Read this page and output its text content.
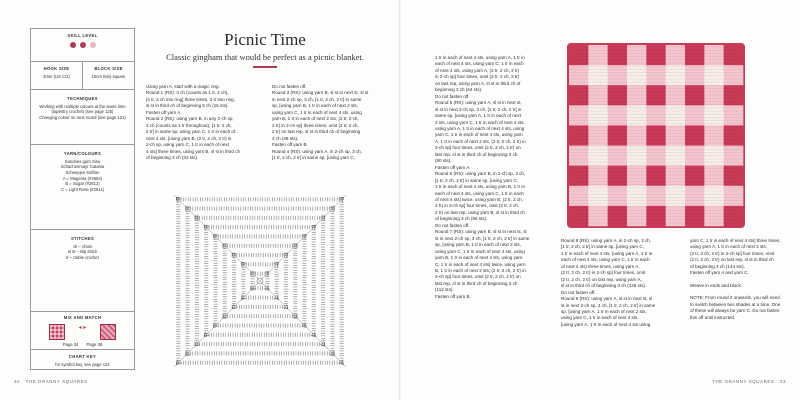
SKILL LEVEL
HOOK SIZE
3mm (US C/2)
BLOCK SIZE
15cm (6in) square
TECHNIQUES
Working with multiple colours at the same time
(tapestry crochet) (see page 125)
Changing colour on next round (see page 121)
YARN/COLOURS
Sandnes garn Sisu
Schachenmayr Catania
Scheepjes Softfun
A = Magenta (#2654)
B = Sugar (#2612)
C = Light Rose (#2511)
STITCHES
ch – chain
sl st – slip stitch
tr – treble crochet
MIX AND MATCH
◂ ▸
Page 34 Page 38
CHART KEY
for symbol key, see page 122
Picnic Time
Classic gingham that would be perfect as a picnic blanket.

Using yarn A, start with a magic ring.

Round 1 (RS): 3 ch (counts as 1 tr, 2 ch),

[4 tr, 2 ch into ring] three times, 3 tr into ring,

sl st in third ch of beginning 5 ch (16 sts).

Fasten off yarn A.

Round 2 (RS): using yarn B, in any 2-ch sp,

3 ch (counts as 1 tr throughout), [1 tr, 2 ch,

2 tr] in same sp, using yarn C, 1 tr in each of

next 4 sts, [using yarn B, (2 tr, 2 ch, 2 tr) in

2-ch sp, using yarn C, 1 tr in each of next

4 sts] three times, using yarn B, sl st in third ch

of beginning 3 ch (32 sts).

Do not fasten off.

Round 3 (RS): using yarn B, sl st in next st, sl st

in next 2-ch sp, 3 ch, [1 tr, 2 ch, 2 tr] in same

sp, [using yarn B, 1 tr in each of next 2 sts,

using yarn C, 1 tr in each of next 4 sts, using

yarn B, 1 tr in each of next 2 sts, (2 tr, 2 ch,

2 tr) in 2-ch sp] three times, omit (2 tr, 2 ch,

2 tr) on last rep, sl st in third ch of beginning

3 ch (48 sts).

Fasten off yarn B.

Round 4 (RS): using yarn A, in 2-ch sp, 3 ch,

[1 tr, 2 ch, 2 tr] in same sp, [using yarn C,

32 THE GRANNY SQUARES

1 tr in each of next 4 sts, using yarn A, 1 tr in

each of next 4 sts, using yarn C, 1 tr in each

of next 4 sts, using yarn A, (2 tr, 2 ch, 2 tr)

in 2-ch sp] four times, omit (2 tr, 2 ch, 2 tr)

on last rep, using yarn A, sl st in third ch of

beginning 3 ch (64 sts).

Do not fasten off.

Round 5 (RS): using yarn A, sl st in next st,

sl st in next 2-ch sp, 3 ch, [1 tr, 2 ch, 2 tr] in

same sp, [using yarn A, 1 tr in each of next

2 sts, using yarn C, 1 tr in each of next 4 sts,

using yarn A, 1 tr in each of next 4 sts, using

yarn C, 1 tr in each of next 4 sts, using yarn

A, 1 tr in each of next 2 sts, (2 tr, 2 ch, 2 tr) in

2-ch sp] four times, omit (2 tr, 2 ch, 2 tr) on

last rep, sl st in third ch of beginning 3 ch

(80 sts).

Fasten off yarn A.

Round 6 (RS): using yarn B, in 2-ch sp, 3 ch,

[1 tr, 2 ch, 2 tr] in same sp, [using yarn C,

1 tr in each of next 4 sts, using yarn B, 1 tr in

each of next 4 sts, using yarn C, 1 tr in each

of next 4 sts] twice, using yarn B, (2 tr, 2 ch,

2 tr) in 2-ch sp] four times, omit (2 tr, 2 ch,

2 tr) on last rep, using yarn B, sl st in third ch

of beginning 3 ch (96 sts).

Do not fasten off.

Round 7 (RS): using yarn B, sl st in next st, sl

st in next 2-ch sp, 3 ch, [1 tr, 2 ch, 2 tr] in same

sp, [using yarn B, 1 tr in each of next 2 sts,

using yarn C, 1 tr in each of next 4 sts, using

yarn B, 1 tr in each of next 4 sts, using yarn

C, 1 tr in each of next 4 sts] twice, using yarn

B, 1 tr in each of next 2 sts, (2 tr, 2 ch, 2 tr) in

2-ch sp] four times, omit (2 tr, 2 ch, 2 tr) on

last rep, sl st in third ch of beginning 3 ch

(112 sts).

Fasten off yarn B.

Round 8 (RS): using yarn A, in 2-ch sp, 3 ch,

[1 tr, 2 ch, 2 tr] in same sp, [using yarn C,

1 tr in each of next 4 sts, (using yarn A, 1 tr in

each of next 4 sts, using yarn C, 1 tr in each

of next 4 sts) three times, using yarn A,

(2 tr, 2 ch, 2 tr) in 2-ch sp] four times, omit

(2 tr, 2 ch, 2 tr) on last rep, using yarn A,

sl st in third ch of beginning 3 ch (128 sts).

Do not fasten off.

Round 9 (RS): using yarn A, sl st in next st, sl

st in next 2-ch sp, 3 ch, [1 tr, 2 ch, 2 tr] in same

sp, [using yarn A, 1 tr in each of next 2 sts,

using yarn C, 1 tr in each of next 4 sts,

[using yarn A, 1 tr in each of next 4 sts using

yarn C, 1 tr in each of next 4 sts] three times,

using yarn A, 1 tr in each of next 2 sts,

(2 tr, 2 ch, 2 tr) in 2-ch sp] four times, omit

(2 tr, 2 ch, 2 tr) on last rep, sl st in third ch

of beginning 3 ch (144 sts).

Fasten off yarn A and yarn C.

Weave in ends and block.

NOTE: From round 2 onwards, you will need

to switch between two shades at a time. One

of these will always be yarn C. Do not fasten

this off until instructed.

THE GRANNY SQUARES 33
